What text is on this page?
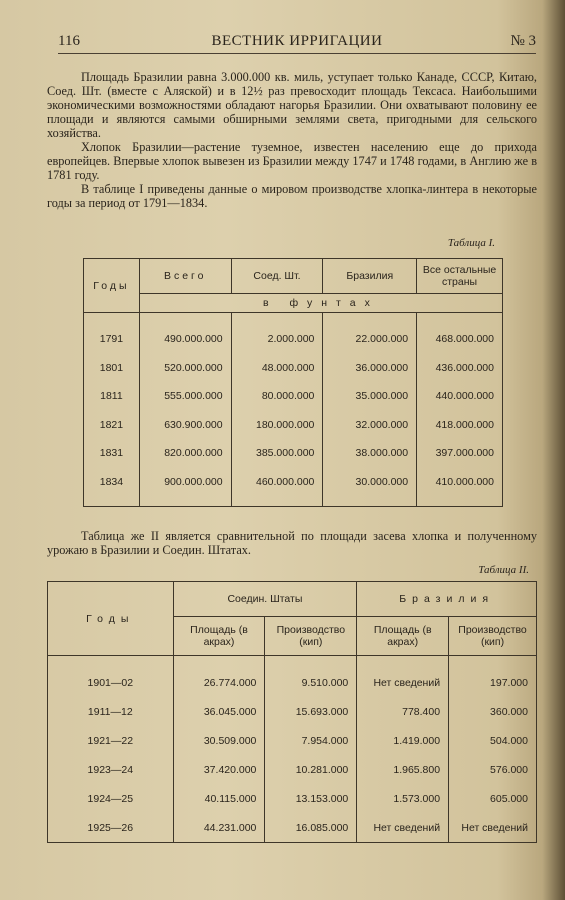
116	ВЕСТНИК ИРРИГАЦИИ	№ 3

Площадь Бразилии равна 3.000.000 кв. миль, уступает только Канаде, СССР, Китаю, Соед. Шт. (вместе с Аляской) и в 12½ раз превосходит площадь Тексаса. Наибольшими экономическими возможностями обладают нагорья Бразилии. Они охватывают половину ее площади и являются самыми обширными землями света, пригодными для сельского хозяйства.

Хлопок Бразилии—растение туземное, известен населению еще до прихода европейцев. Впервые хлопок вывезен из Бразилии между 1747 и 1748 годами, в Англию же в 1781 году.

В таблице I приведены данные о мировом производстве хлопка-линтера в некоторые годы за период от 1791—1834.

Таблица I.
Годы	Всего	Соед. Шт.	Бразилия	Все остальные страны
	в фунтах			
1791	490.000.000	2.000.000	22.000.000	468.000.000
1801	520.000.000	48.000.000	36.000.000	436.000.000
1811	555.000.000	80.000.000	35.000.000	440.000.000
1821	630.900.000	180.000.000	32.000.000	418.000.000
1831	820.000.000	385.000.000	38.000.000	397.000.000
1834	900.000.000	460.000.000	30.000.000	410.000.000

Таблица же II является сравнительной по площади засева хлопка и полученному урожаю в Бразилии и Соедин. Штатах.

Таблица II.
Годы	Соедин. Штаты		Бразилия	
	Площадь (в акрах)	Производство (кип)	Площадь (в акрах)	Производство (кип)
1901—02	26.774.000	9.510.000	Нет сведений	197.000
1911—12	36.045.000	15.693.000	778.400	360.000
1921—22	30.509.000	7.954.000	1.419.000	504.000
1923—24	37.420.000	10.281.000	1.965.800	576.000
1924—25	40.115.000	13.153.000	1.573.000	605.000
1925—26	44.231.000	16.085.000	Нет сведений	Нет сведений
